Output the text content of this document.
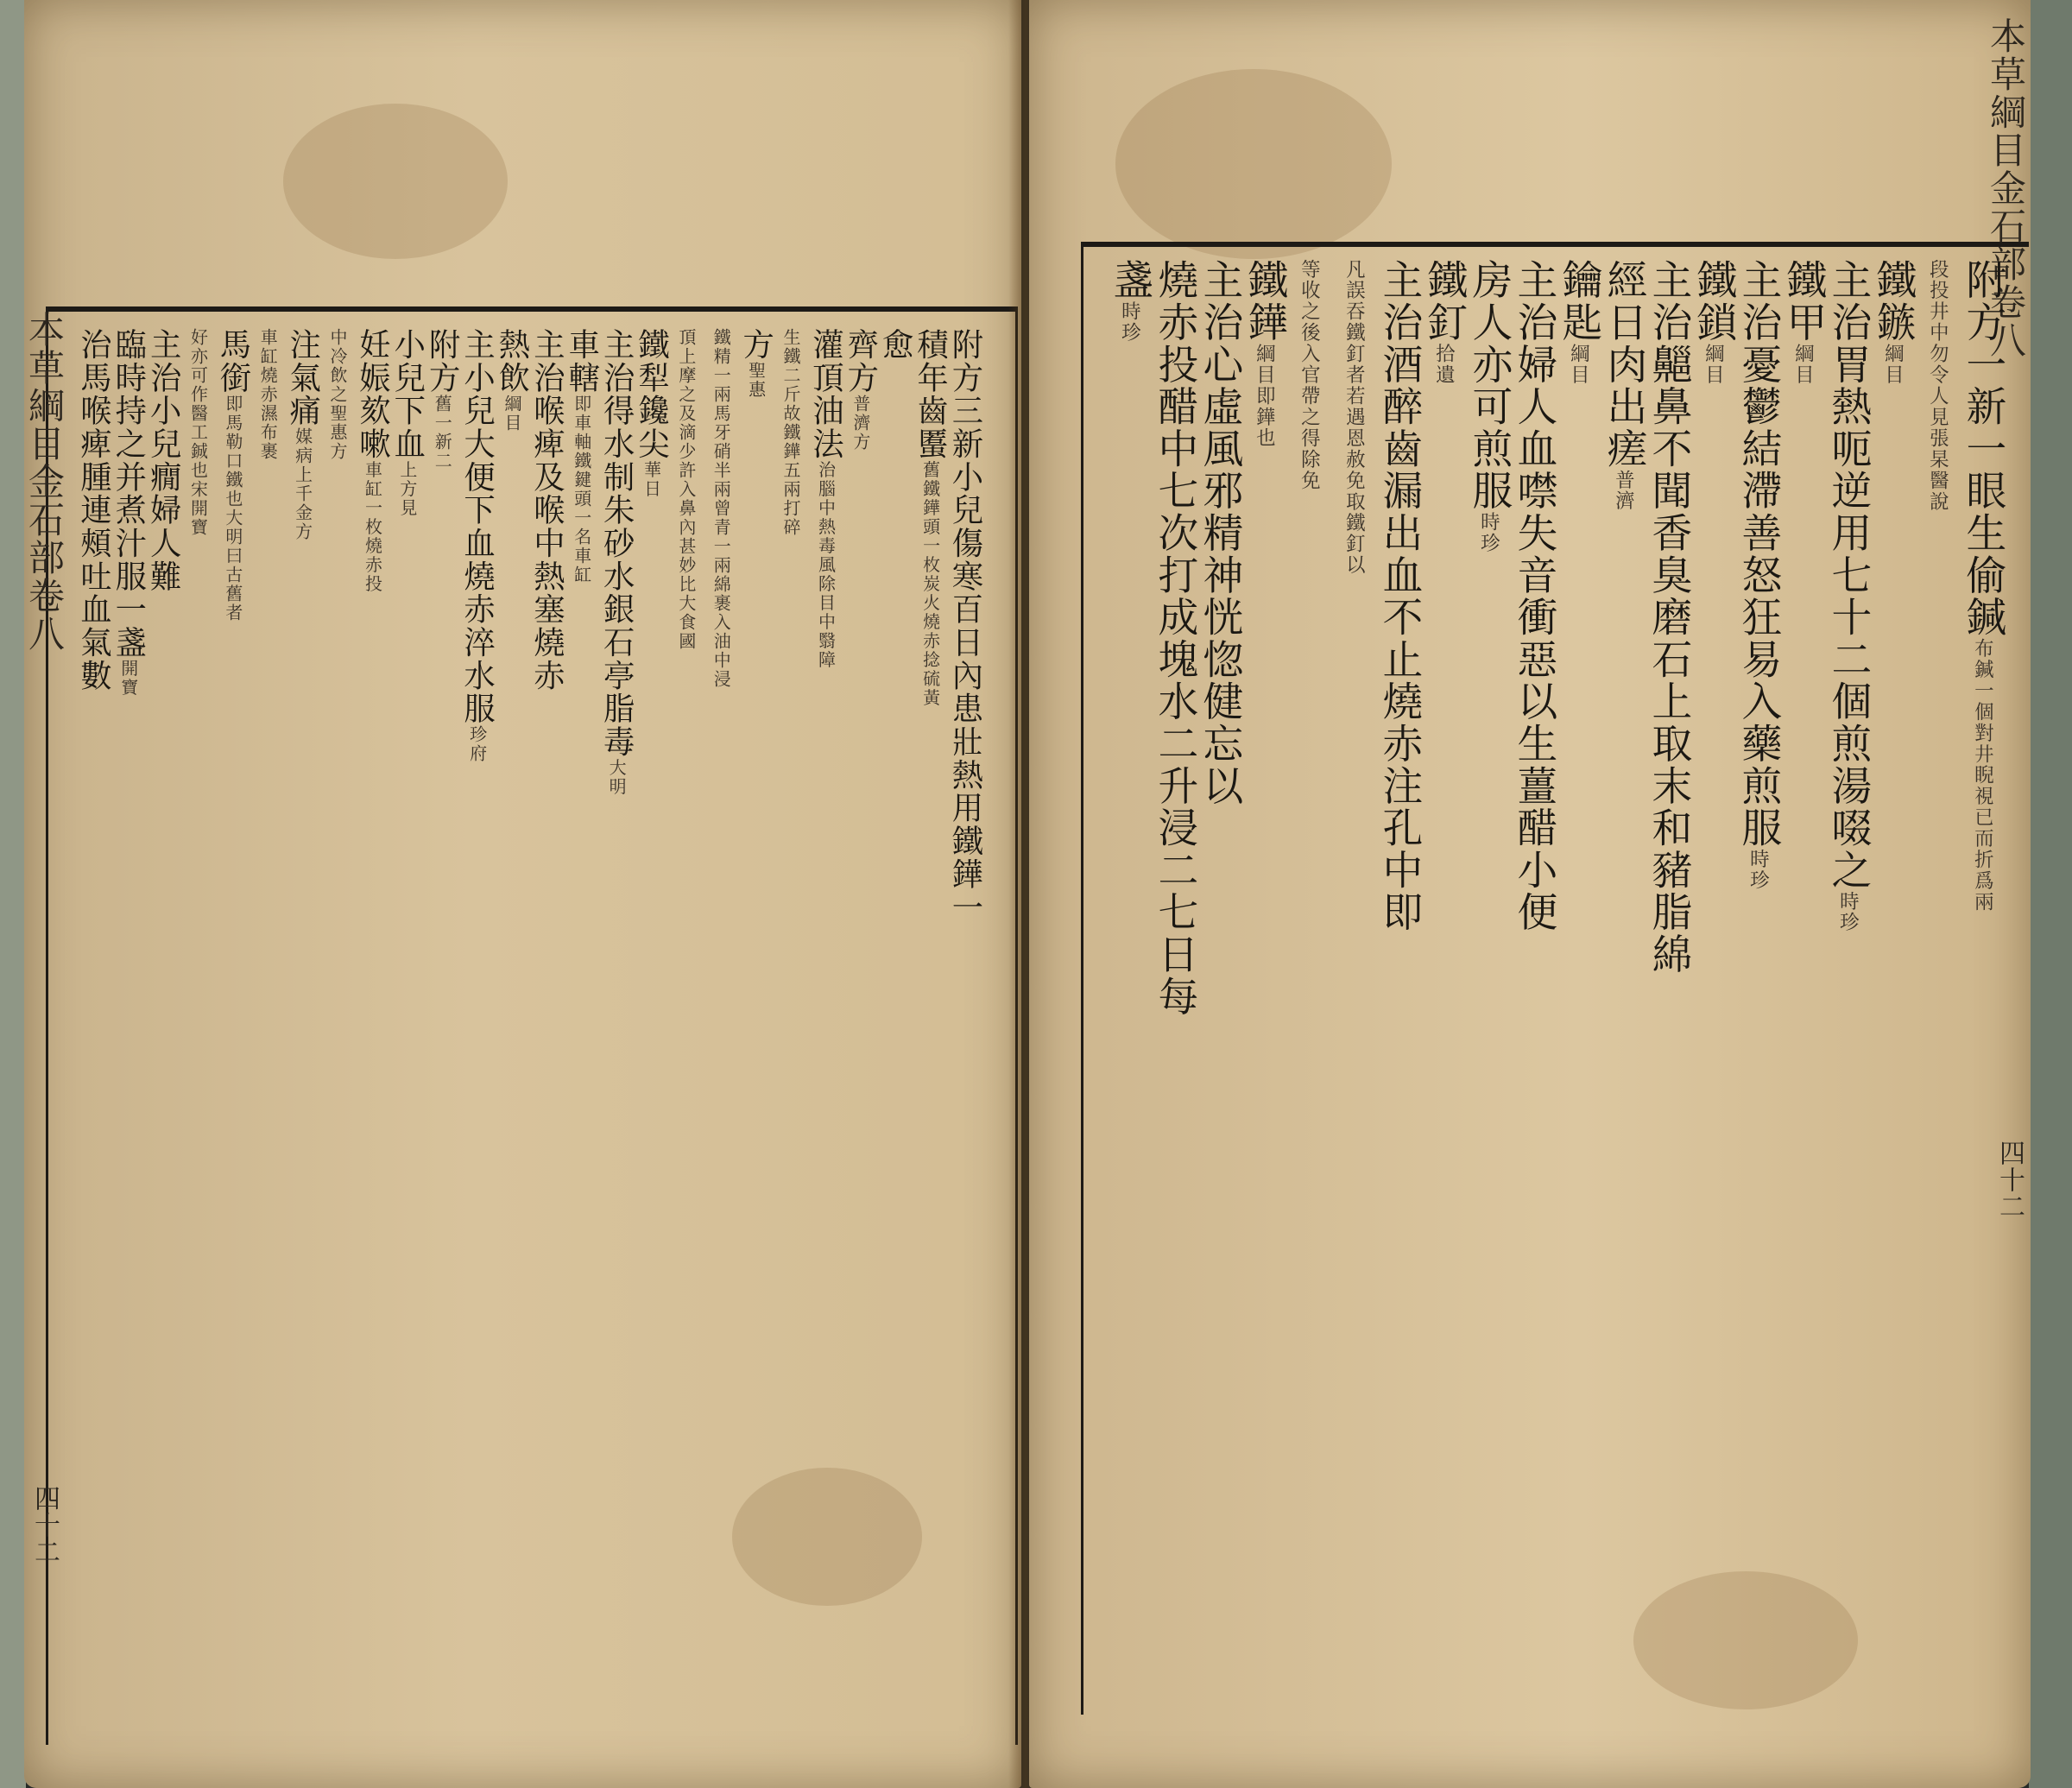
本草綱目金石部卷八
四十二
附方三新小兒傷寒百日內患壯熱用鐵鏵一
積年齒𧏾舊鐵鏵頭一枚炭火燒赤捻硫黃
愈
齊方普濟方
灌頂油法治腦中熱毒風除目中翳障
生鐵二斤故鐵鏵五兩打碎
方聖惠
鐵精一兩馬牙硝半兩曾青一兩綿裹入油中浸
頂上摩之及滴少許入鼻內甚妙比大食國
鐵犁鑱尖華日
主治得水制朱砂水銀石亭脂毒大明
車轄即車軸鐵鍵頭一名車缸
主治喉痺及喉中熱塞燒赤
熱飲綱目
主小兒大便下血燒赤淬水服珍府
附方舊一新二
小兒下血上方見
妊娠欬嗽車缸一枚燒赤投
中冷飲之聖惠方
注氣痛媒病上千金方
車缸燒赤濕布裹
馬銜即馬勒口鐵也大明曰古舊者
好亦可作醫工鋮也宋開寶
主治小兒癇婦人難
臨時持之并煮汁服一盞開寶
治馬喉痺腫連頰吐血氣數
本草綱目金石部卷八
四十二
附方一新一眼生偷鍼布鍼一個對井睨視已而折爲兩
段投井中勿令人見張杲醫說
鐵鏃綱目
主治胃熱呃逆用七十二個煎湯啜之時珍
鐵甲綱目
主治憂鬱結滯善怒狂易入藥煎服時珍
鐵鎖綱目
主治齆鼻不聞香臭磨石上取末和豬脂綿
經日肉出瘥普濟
鑰匙綱目
主治婦人血噤失音衝惡以生薑醋小便
房人亦可煎服時珍
鐵釘拾遺
主治酒醉齒漏出血不止燒赤注孔中即
凡誤吞鐵釘者若遇恩赦免取鐵釘以
等收之後入官帶之得除免
鐵鏵綱目即鏵也
主治心虛風邪精神恍惚健忘以
燒赤投醋中七次打成塊水二升浸二七日每
盞時珍
